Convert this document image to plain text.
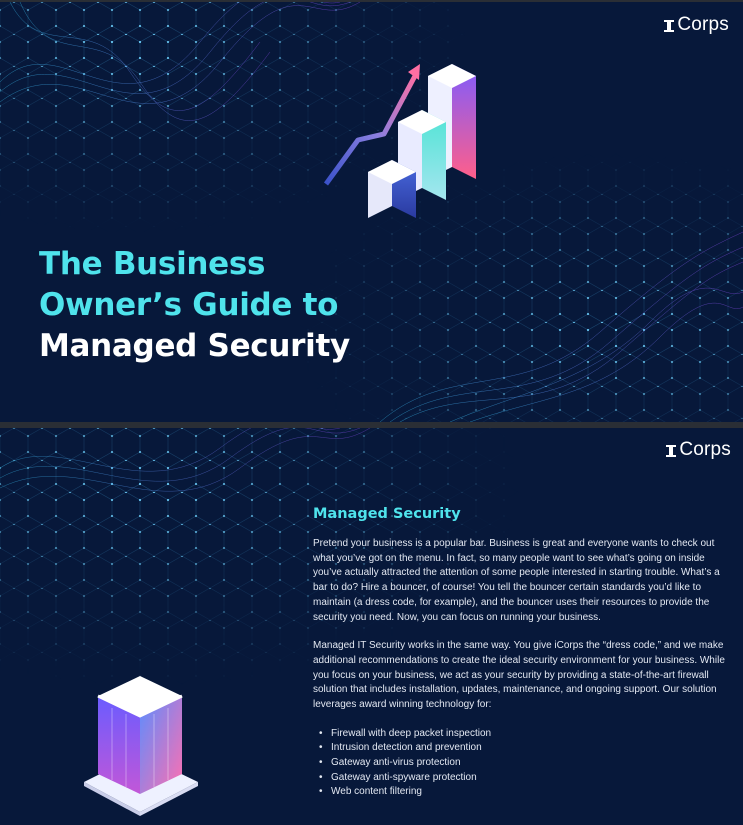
Corps
The Business
Owner’s Guide to
Managed Security
Corps
Managed Security

Pretend your business is a popular bar. Business is great and everyone wants to check out what you’ve got on the menu. In fact, so many people want to see what’s going on inside you’ve actually attracted the attention of some people interested in starting trouble. What’s a bar to do? Hire a bouncer, of course! You tell the bouncer certain standards you’d like to maintain (a dress code, for example), and the bouncer uses their resources to provide the security you need. Now, you can focus on running your business.

Managed IT Security works in the same way. You give iCorps the “dress code,” and we make additional recommendations to create the ideal security environment for your business. While you focus on your business, we act as your security by providing a state-of-the-art firewall solution that includes installation, updates, maintenance, and ongoing support. Our solution leverages award winning technology for:

• Firewall with deep packet inspection
• Intrusion detection and prevention
• Gateway anti-virus protection
• Gateway anti-spyware protection
• Web content filtering
